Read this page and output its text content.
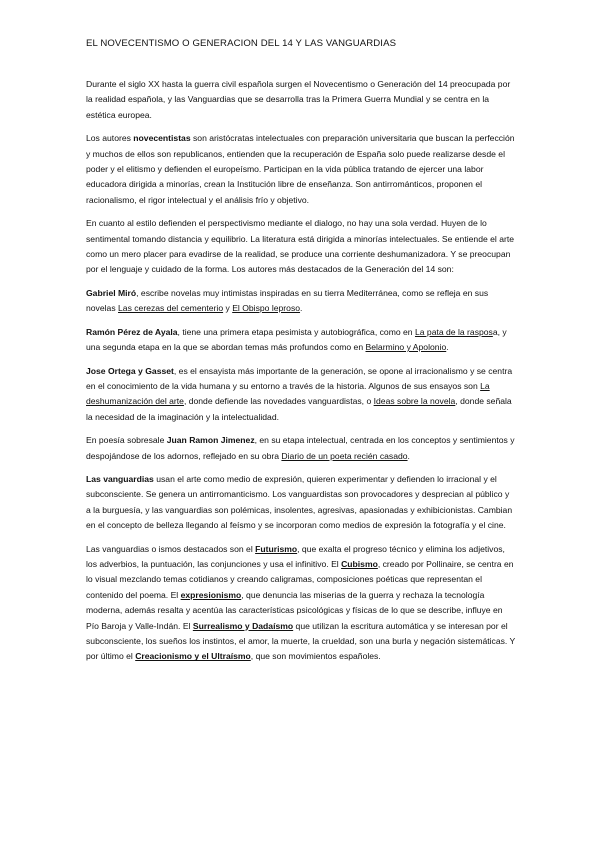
EL NOVECENTISMO O GENERACION DEL 14 Y LAS VANGUARDIAS

Durante el siglo XX hasta la guerra civil española surgen el Novecentismo o Generación del 14 preocupada por la realidad española, y las Vanguardias que se desarrolla tras la Primera Guerra Mundial y se centra en la estética europea.

Los autores novecentistas son aristócratas intelectuales con preparación universitaria que buscan la perfección y muchos de ellos son republicanos, entienden que la recuperación de España solo puede realizarse desde el poder y el elitismo y defienden el europeísmo. Participan en la vida pública tratando de ejercer una labor educadora dirigida a minorías, crean la Institución libre de enseñanza. Son antirrománticos, proponen el racionalismo, el rigor intelectual y el análisis frío y objetivo.

En cuanto al estilo defienden el perspectivismo mediante el dialogo, no hay una sola verdad. Huyen de lo sentimental tomando distancia y equilibrio. La literatura está dirigida a minorías intelectuales. Se entiende el arte como un mero placer para evadirse de la realidad, se produce una corriente deshumanizadora. Y se preocupan por el lenguaje y cuidado de la forma. Los autores más destacados de la Generación del 14 son:

Gabriel Miró, escribe novelas muy intimistas inspiradas en su tierra Mediterránea, como se refleja en sus novelas Las cerezas del cementerio y El Obispo leproso.

Ramón Pérez de Ayala, tiene una primera etapa pesimista y autobiográfica, como en La pata de la rasposa, y una segunda etapa en la que se abordan temas más profundos como en Belarmino y Apolonio.

Jose Ortega y Gasset, es el ensayista más importante de la generación, se opone al irracionalismo y se centra en el conocimiento de la vida humana y su entorno a través de la historia. Algunos de sus ensayos son La deshumanización del arte, donde defiende las novedades vanguardistas, o Ideas sobre la novela, donde señala la necesidad de la imaginación y la intelectualidad.

En poesía sobresale Juan Ramon Jimenez, en su etapa intelectual, centrada en los conceptos y sentimientos y despojándose de los adornos, reflejado en su obra Diario de un poeta recién casado.

Las vanguardias usan el arte como medio de expresión, quieren experimentar y defienden lo irracional y el subconsciente. Se genera un antirromanticismo. Los vanguardistas son provocadores y desprecian al público y a la burguesía, y las vanguardias son polémicas, insolentes, agresivas, apasionadas y exhibicionistas. Cambian en el concepto de belleza llegando al feísmo y se incorporan como medios de expresión la fotografía y el cine.

Las vanguardias o ismos destacados son el Futurismo, que exalta el progreso técnico y elimina los adjetivos, los adverbios, la puntuación, las conjunciones y usa el infinitivo. El Cubismo, creado por Pollinaire, se centra en lo visual mezclando temas cotidianos y creando caligramas, composiciones poéticas que representan el contenido del poema. El expresionismo, que denuncia las miserias de la guerra y rechaza la tecnología moderna, además resalta y acentúa las características psicológicas y físicas de lo que se describe, influye en Pío Baroja y Valle-Indán. El Surrealismo y Dadaísmo que utilizan la escritura automática y se interesan por el subconsciente, los sueños los instintos, el amor, la muerte, la crueldad, son una burla y negación sistemáticas. Y por último el Creacionismo y el Ultraísmo, que son movimientos españoles.
